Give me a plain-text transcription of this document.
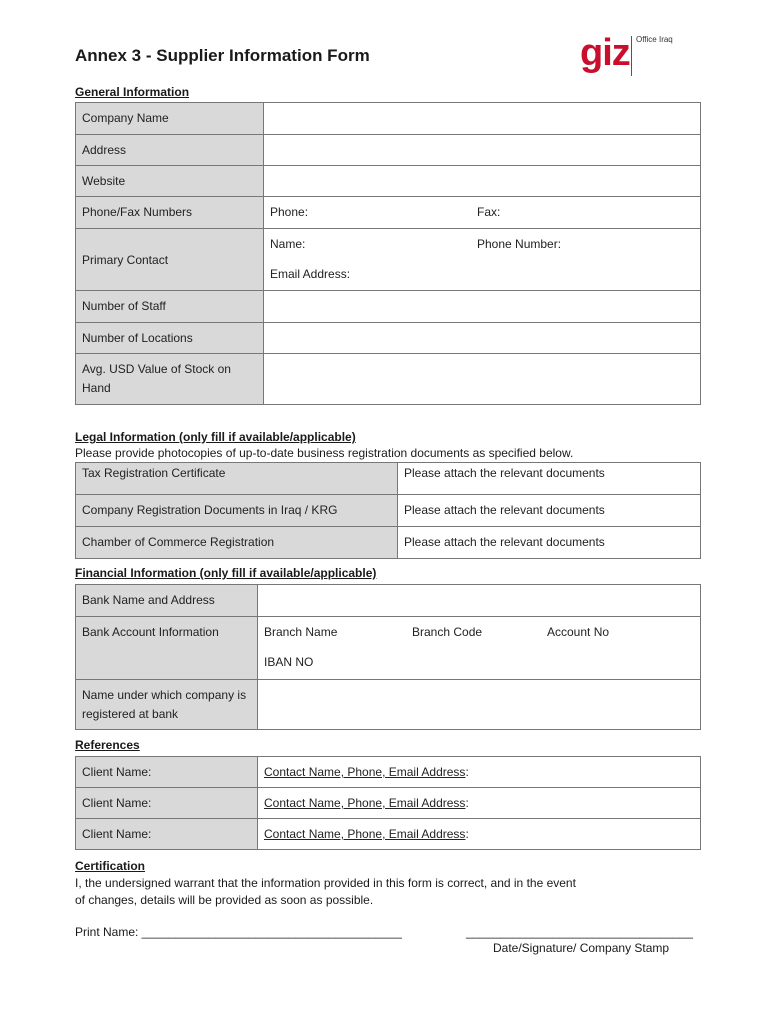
Annex 3 - Supplier Information Form	giz Office Iraq
General Information
Company Name	
Address	
Website	
Phone/Fax Numbers	Phone: Fax:

Primary Contact	Name: Phone Number:
Email Address:

Number of Staff	
Number of Locations	
Avg. USD Value of Stock on Hand	
Legal Information (only fill if available/applicable)
Please provide photocopies of up-to-date business registration documents as specified below.
Tax Registration Certificate	Please attach the relevant documents
Company Registration Documents in Iraq / KRG	Please attach the relevant documents
Chamber of Commerce Registration	Please attach the relevant documents
Financial Information (only fill if available/applicable)
Bank Name and Address	
Bank Account Information	Branch Name Branch Code Account No
IBAN NO

Name under which company is registered at bank	
References
Client Name:	Contact Name, Phone, Email Address:
Client Name:	Contact Name, Phone, Email Address:
Client Name:	Contact Name, Phone, Email Address:
Certification
I, the undersigned warrant that the information provided in this form is correct, and in the event
of changes, details will be provided as soon as possible.
Print Name: _______________________________________	__________________________________
Date/Signature/ Company Stamp
